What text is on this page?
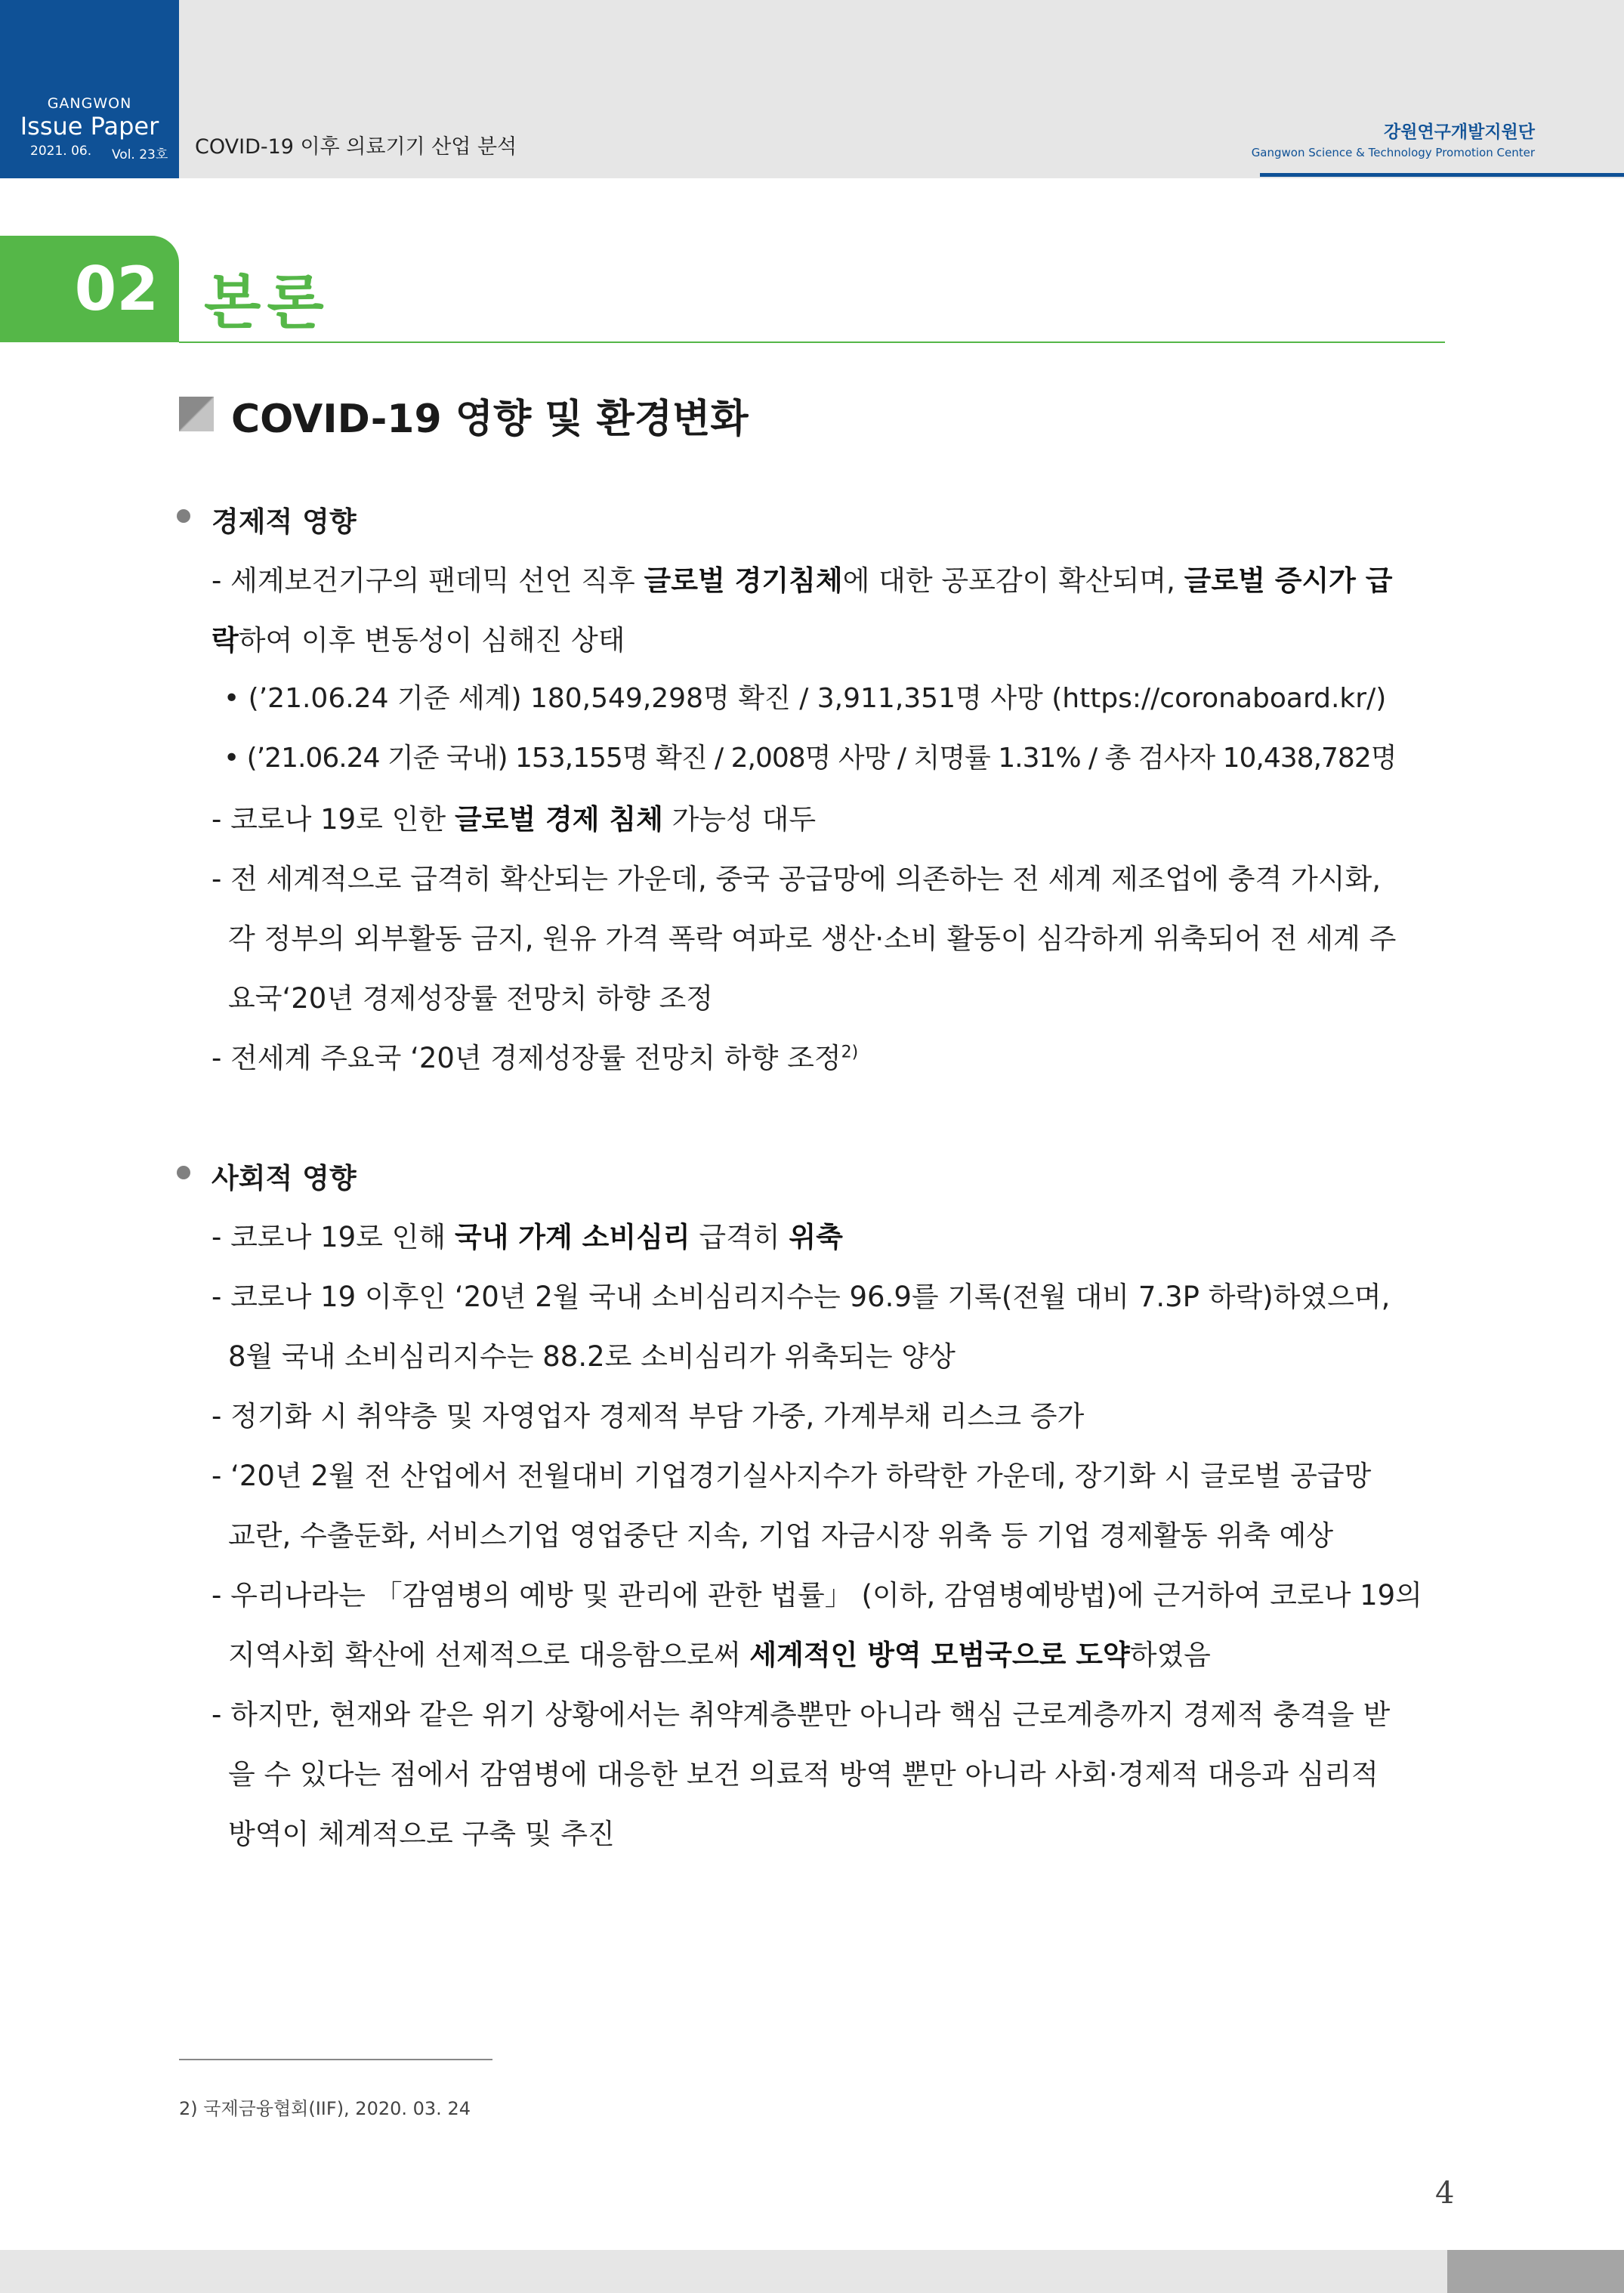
GANGWON
Issue Paper
2021. 06. Vol. 23호 COVID-19 이후 의료기기 산업 분석
강원연구개발지원단
Gangwon Science & Technology Promotion Center
02 본론
COVID-19 영향 및 환경변화
경제적 영향
- 세계보건기구의 팬데믹 선언 직후 글로벌 경기침체에 대한 공포감이 확산되며, 글로벌 증시가 급
락하여 이후 변동성이 심해진 상태
• (’21.06.24 기준 세계) 180,549,298명 확진 / 3,911,351명 사망 (https://coronaboard.kr/)
• (’21.06.24 기준 국내) 153,155명 확진 / 2,008명 사망 / 치명률 1.31% / 총 검사자 10,438,782명
- 코로나 19로 인한 글로벌 경제 침체 가능성 대두
- 전 세계적으로 급격히 확산되는 가운데, 중국 공급망에 의존하는 전 세계 제조업에 충격 가시화,
각 정부의 외부활동 금지, 원유 가격 폭락 여파로 생산·소비 활동이 심각하게 위축되어 전 세계 주
요국‘20년 경제성장률 전망치 하향 조정
- 전세계 주요국 ‘20년 경제성장률 전망치 하향 조정$^{2)}$
사회적 영향
- 코로나 19로 인해 국내 가계 소비심리 급격히 위축
- 코로나 19 이후인 ‘20년 2월 국내 소비심리지수는 96.9를 기록(전월 대비 7.3P 하락)하였으며,
8월 국내 소비심리지수는 88.2로 소비심리가 위축되는 양상
- 정기화 시 취약층 및 자영업자 경제적 부담 가중, 가계부채 리스크 증가
- ‘20년 2월 전 산업에서 전월대비 기업경기실사지수가 하락한 가운데, 장기화 시 글로벌 공급망
교란, 수출둔화, 서비스기업 영업중단 지속, 기업 자금시장 위축 등 기업 경제활동 위축 예상
- 우리나라는 「감염병의 예방 및 관리에 관한 법률」 (이하, 감염병예방법)에 근거하여 코로나 19의
지역사회 확산에 선제적으로 대응함으로써 세계적인 방역 모범국으로 도약하였음
- 하지만, 현재와 같은 위기 상황에서는 취약계층뿐만 아니라 핵심 근로계층까지 경제적 충격을 받
을 수 있다는 점에서 감염병에 대응한 보건 의료적 방역 뿐만 아니라 사회·경제적 대응과 심리적
방역이 체계적으로 구축 및 추진
2) 국제금융협회(IIF), 2020. 03. 24
4
